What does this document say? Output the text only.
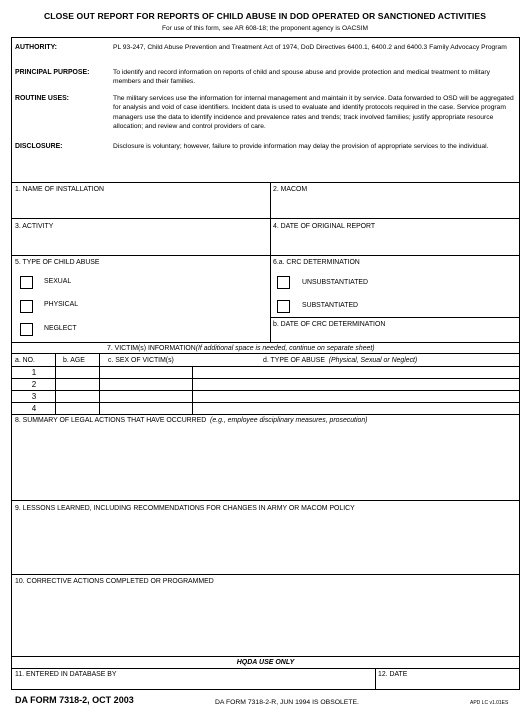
CLOSE OUT REPORT FOR REPORTS OF CHILD ABUSE IN DOD OPERATED OR SANCTIONED ACTIVITIES
For use of this form, see AR 608-18; the proponent agency is OACSIM
AUTHORITY:	PL 93-247, Child Abuse Prevention and Treatment Act of 1974, DoD Directives 6400.1, 6400.2 and 6400.3 Family Advocacy Program
PRINCIPAL PURPOSE:	To identify and record information on reports of child and spouse abuse and provide protection and medical treatment to military members and their families.
ROUTINE USES:	The military services use the information for internal management and maintain it by service. Data forwarded to OSD will be aggregated for analysis and void of case identifiers. Incident data is used to evaluate and identify protocols required in the case. Service program managers use the data to identify incidence and prevalence rates and trends; track involved families; justify appropriate resource allocation; and review and control providers of care.
DISCLOSURE:	Disclosure is voluntary; however, failure to provide information may delay the provision of appropriate services to the individual.
1. NAME OF INSTALLATION	2. MACOM
3. ACTIVITY	4. DATE OF ORIGINAL REPORT
5. TYPE OF CHILD ABUSE	6.a. CRC DETERMINATION
SEXUAL
PHYSICAL
NEGLECT
UNSUBSTANTIATED
SUBSTANTIATED
b. DATE OF CRC DETERMINATION
7. VICTIM(s) INFORMATION(If additional space is needed, continue on separate sheet)
a. NO.	b. AGE	c. SEX OF VICTIM(s)	d. TYPE OF ABUSE (Physical, Sexual or Neglect)
1
2
3
4
8. SUMMARY OF LEGAL ACTIONS THAT HAVE OCCURRED (e.g., employee disciplinary measures, prosecution)
9. LESSONS LEARNED, INCLUDING RECOMMENDATIONS FOR CHANGES IN ARMY OR MACOM POLICY
10. CORRECTIVE ACTIONS COMPLETED OR PROGRAMMED
HQDA USE ONLY
11. ENTERED IN DATABASE BY	12. DATE
DA FORM 7318-2, OCT 2003	DA FORM 7318-2-R, JUN 1994 IS OBSOLETE.	APD LC v1.01ES
